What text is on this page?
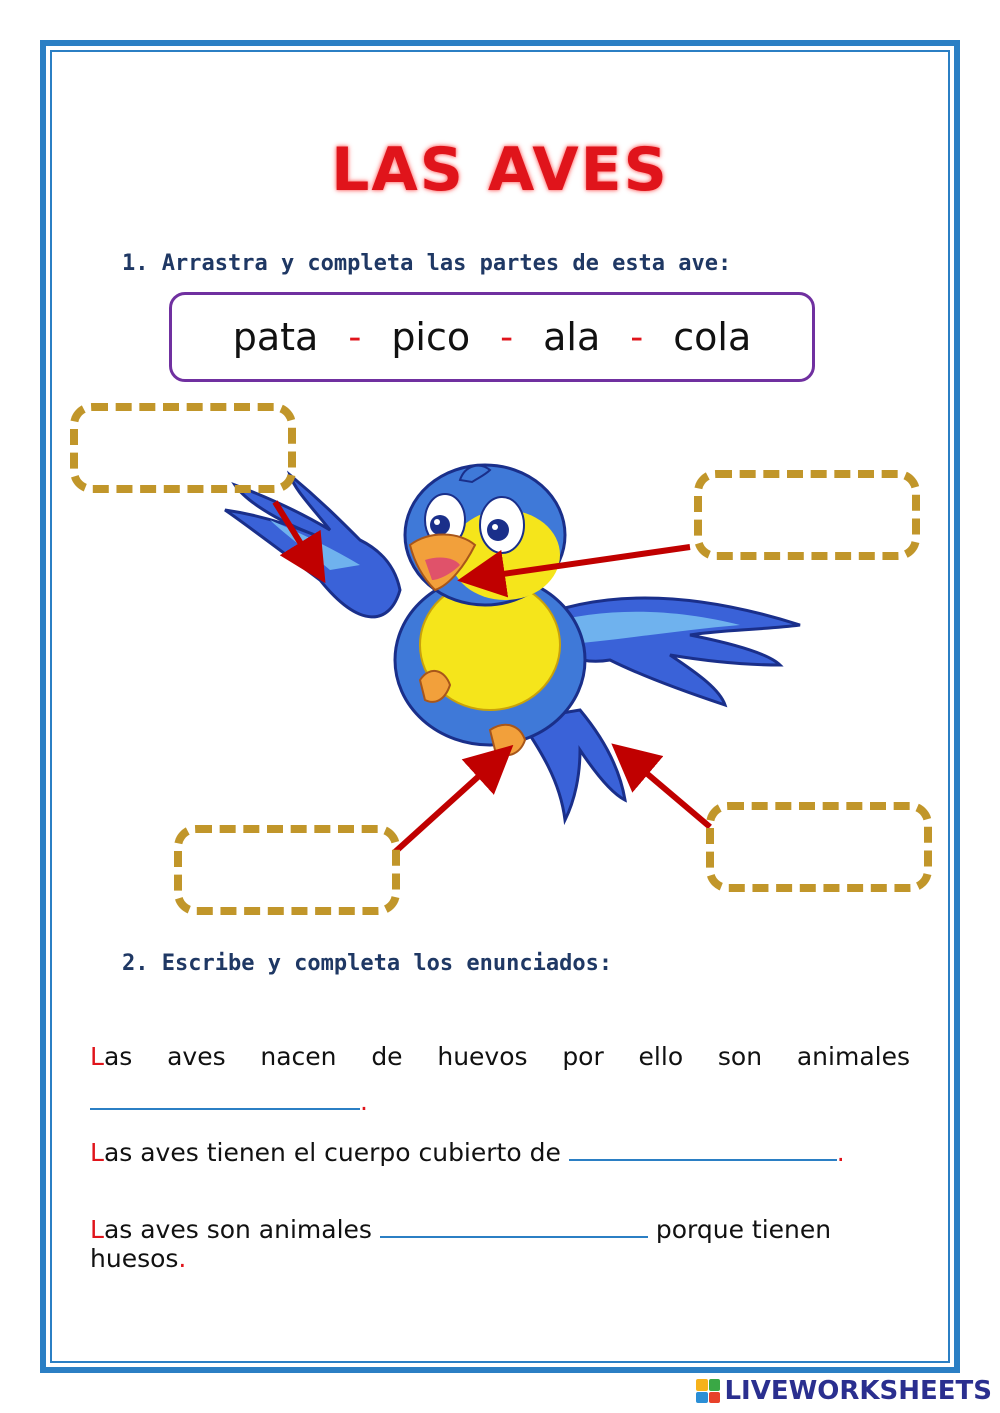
LAS AVES

1. Arrastra y completa las partes de esta ave:

pata - pico - ala - cola

2. Escribe y completa los enunciados:

Las aves nacen de huevos por ello son animales
.
Las aves tienen el cuerpo cubierto de	.
Las aves son animales	porque tienen huesos.
LIVEWORKSHEETS
